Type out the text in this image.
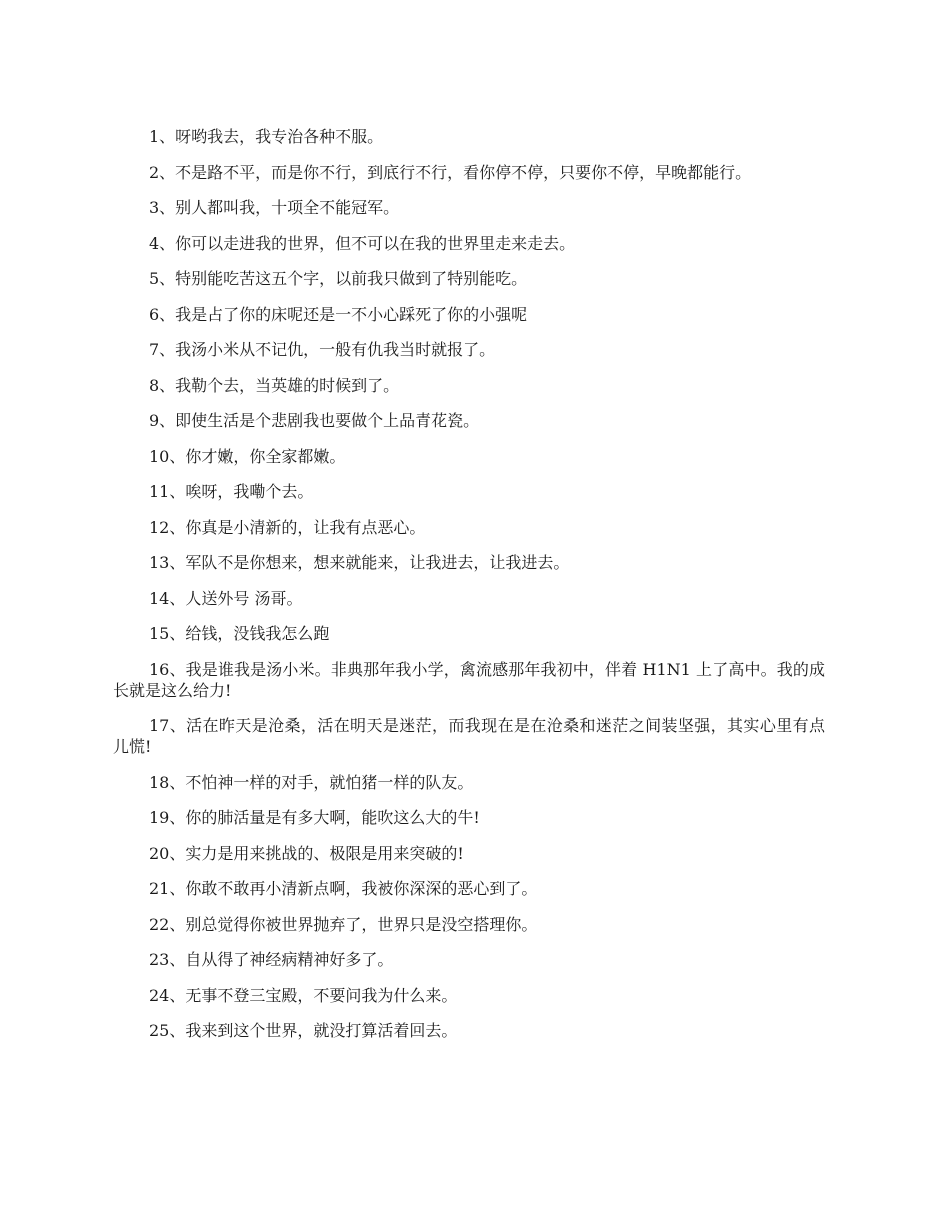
1、呀哟我去，我专治各种不服。

2、不是路不平，而是你不行，到底行不行，看你停不停，只要你不停，早晚都能行。

3、别人都叫我，十项全不能冠军。

4、你可以走进我的世界，但不可以在我的世界里走来走去。

5、特别能吃苦这五个字，以前我只做到了特别能吃。

6、我是占了你的床呢还是一不小心踩死了你的小强呢

7、我汤小米从不记仇，一般有仇我当时就报了。

8、我勒个去，当英雄的时候到了。

9、即使生活是个悲剧我也要做个上品青花瓷。

10、你才嫩，你全家都嫩。

11、唉呀，我嘞个去。

12、你真是小清新的，让我有点恶心。

13、军队不是你想来，想来就能来，让我进去，让我进去。

14、人送外号 汤哥。

15、给钱，没钱我怎么跑

16、我是谁我是汤小米。非典那年我小学，禽流感那年我初中，伴着 H1N1 上了高中。我的成长就是这么给力!

17、活在昨天是沧桑，活在明天是迷茫，而我现在是在沧桑和迷茫之间装坚强，其实心里有点儿慌!

18、不怕神一样的对手，就怕猪一样的队友。

19、你的肺活量是有多大啊，能吹这么大的牛!

20、实力是用来挑战的、极限是用来突破的!

21、你敢不敢再小清新点啊，我被你深深的恶心到了。

22、别总觉得你被世界抛弃了，世界只是没空搭理你。

23、自从得了神经病精神好多了。

24、无事不登三宝殿，不要问我为什么来。

25、我来到这个世界，就没打算活着回去。
